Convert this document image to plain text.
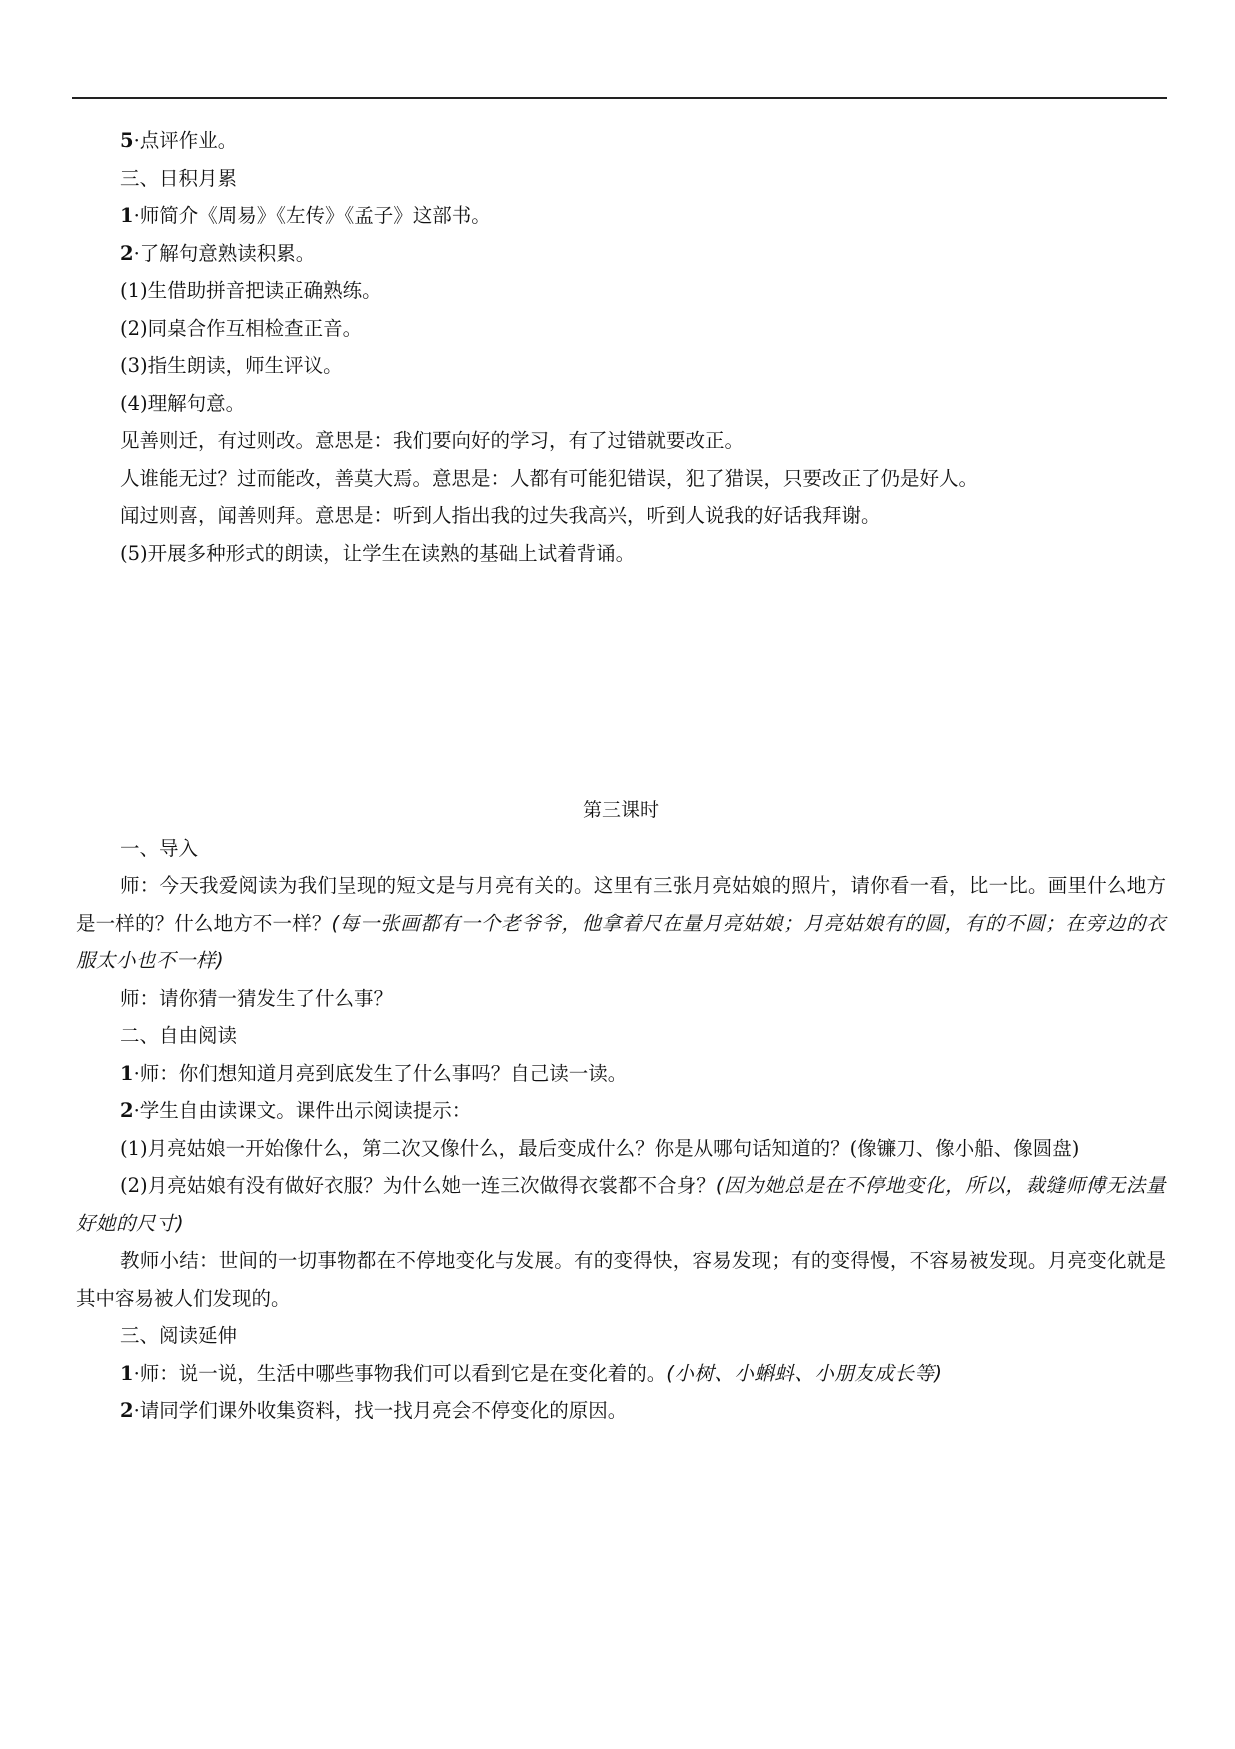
5·点评作业。
三、日积月累
1·师简介《周易》《左传》《孟子》这部书。
2·了解句意熟读积累。
(1)生借助拼音把读正确熟练。
(2)同桌合作互相检查正音。
(3)指生朗读，师生评议。
(4)理解句意。
见善则迁，有过则改。意思是：我们要向好的学习，有了过错就要改正。
人谁能无过？过而能改，善莫大焉。意思是：人都有可能犯错误，犯了猎误，只要改正了仍是好人。
闻过则喜，闻善则拜。意思是：听到人指出我的过失我高兴，听到人说我的好话我拜谢。
(5)开展多种形式的朗读，让学生在读熟的基础上试着背诵。
第三课时
一、导入
师：今天我爱阅读为我们呈现的短文是与月亮有关的。这里有三张月亮姑娘的照片，请你看一看，比一比。画里什么地方是一样的？什么地方不一样？(每一张画都有一个老爷爷，他拿着尺在量月亮姑娘；月亮姑娘有的圆，有的不圆；在旁边的衣服太小也不一样)
师：请你猜一猜发生了什么事？
二、自由阅读
1·师：你们想知道月亮到底发生了什么事吗？自己读一读。
2·学生自由读课文。课件出示阅读提示：
(1)月亮姑娘一开始像什么，第二次又像什么，最后变成什么？你是从哪句话知道的？(像镰刀、像小船、像圆盘)
(2)月亮姑娘有没有做好衣服？为什么她一连三次做得衣裳都不合身？(因为她总是在不停地变化，所以，裁缝师傅无法量好她的尺寸)
教师小结：世间的一切事物都在不停地变化与发展。有的变得快，容易发现；有的变得慢，不容易被发现。月亮变化就是其中容易被人们发现的。
三、阅读延伸
1·师：说一说，生活中哪些事物我们可以看到它是在变化着的。(小树、小蝌蚪、小朋友成长等)
2·请同学们课外收集资料，找一找月亮会不停变化的原因。
